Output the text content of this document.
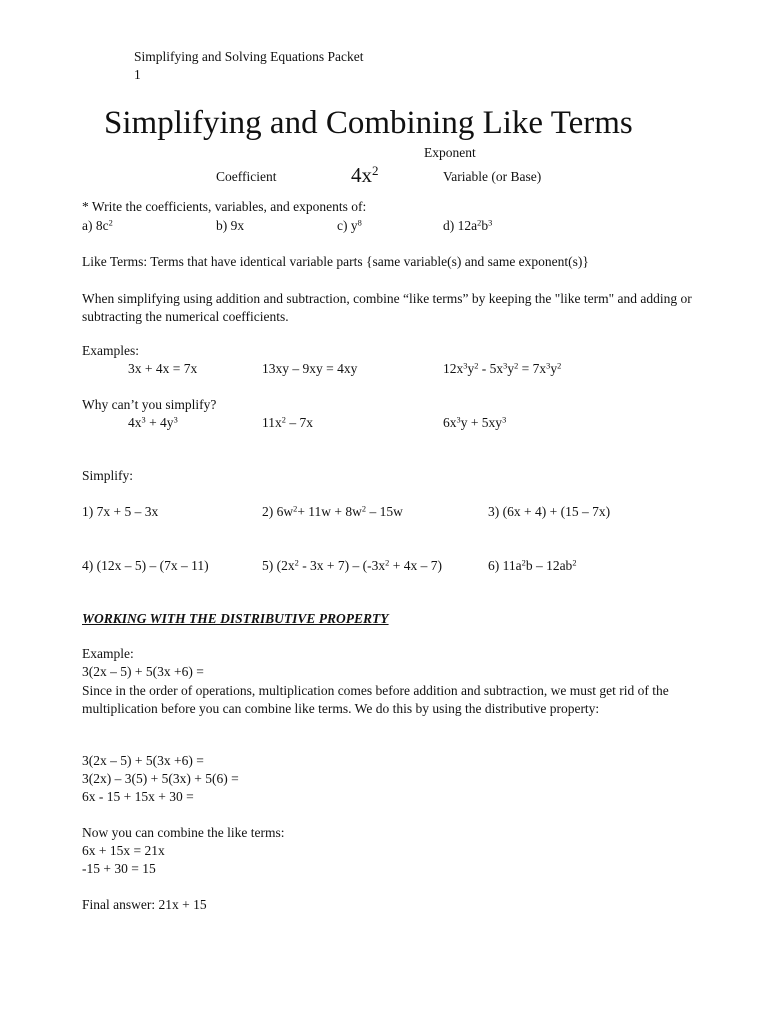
Simplifying and Solving Equations Packet
1
Simplifying and Combining Like Terms
Exponent
Coefficient	$4x^2$	Variable (or Base)
* Write the coefficients, variables, and exponents of:
a) $8c^2$	b) 9x	c) $y^8$	d) $12a^2b^3$
Like Terms: Terms that have identical variable parts {same variable(s) and same exponent(s)}
When simplifying using addition and subtraction, combine “like terms” by keeping the "like term" and adding or subtracting the numerical coefficients.
Examples:
3x + 4x = 7x	13xy – 9xy = 4xy	$12x^3y^2 - 5x^3y^2 = 7x^3y^2$
Why can’t you simplify?
$4x^3 + 4y^3$	$11x^2 - 7x$	$6x^3y + 5xy^3$
Simplify:
1) 7x + 5 – 3x	2) $6w^2+ 11w + 8w^2 - 15w$	3) (6x + 4) + (15 – 7x)
4) (12x – 5) – (7x – 11)	5) $(2x^2 - 3x + 7) - (-3x^2 + 4x - 7)$	6) $11a^2b - 12ab^2$
WORKING WITH THE DISTRIBUTIVE PROPERTY
Example:
3(2x – 5) + 5(3x +6) =
Since in the order of operations, multiplication comes before addition and subtraction, we must get rid of the multiplication before you can combine like terms. We do this by using the distributive property:
3(2x – 5) + 5(3x +6) =
3(2x) – 3(5) + 5(3x) + 5(6) =
6x - 15 + 15x + 30 =
Now you can combine the like terms:
6x + 15x = 21x
-15 + 30 = 15
Final answer: 21x + 15
